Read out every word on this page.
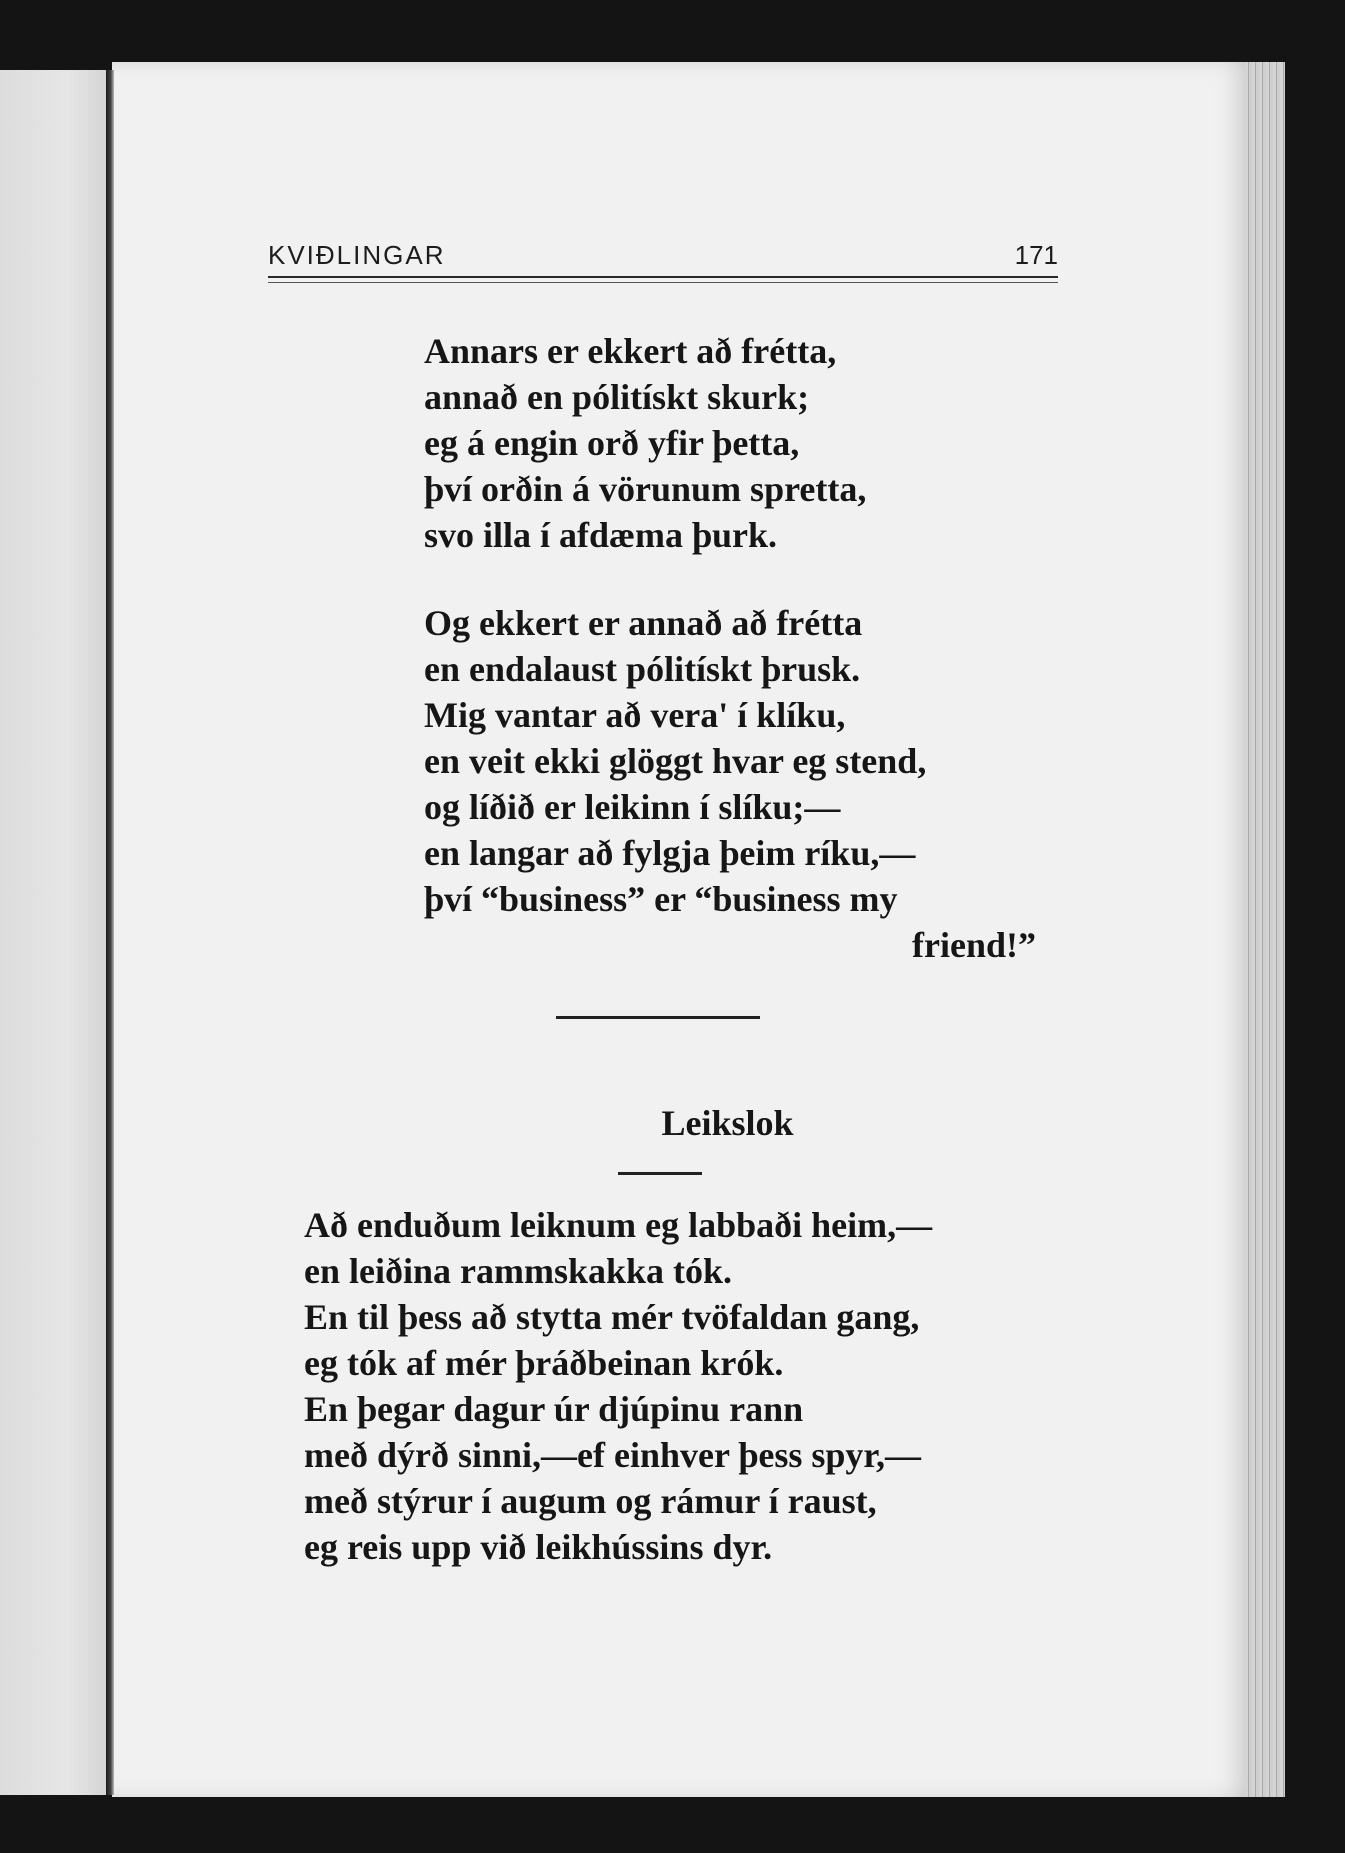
KVIÐLINGAR	171
Annars er ekkert að frétta,
annað en pólitískt skurk;
eg á engin orð yfir þetta,
því orðin á vörunum spretta,
svo illa í afdæma þurk.
Og ekkert er annað að frétta
en endalaust pólitískt þrusk.
Mig vantar að vera' í klíku,
en veit ekki glöggt hvar eg stend,
og líðið er leikinn í slíku;—
en langar að fylgja þeim ríku,—
því “business” er “business my
friend!”
Leikslok
Að enduðum leiknum eg labbaði heim,—
en leiðina rammskakka tók.
En til þess að stytta mér tvöfaldan gang,
eg tók af mér þráðbeinan krók.
En þegar dagur úr djúpinu rann
með dýrð sinni,—ef einhver þess spyr,—
með stýrur í augum og rámur í raust,
eg reis upp við leikhússins dyr.
